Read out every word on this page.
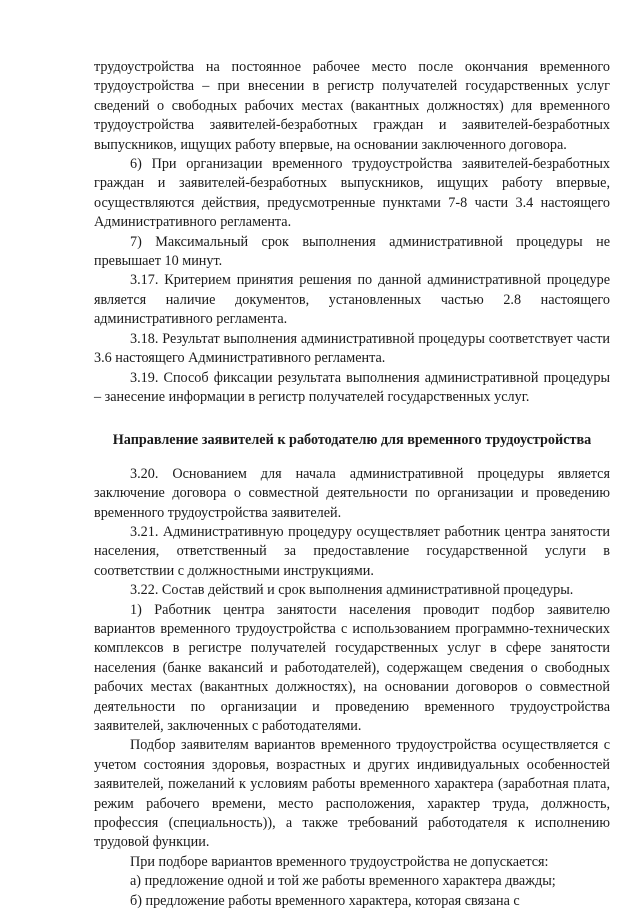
трудоустройства на постоянное рабочее место после окончания временного трудоустройства – при внесении в регистр получателей государственных услуг сведений о свободных рабочих местах (вакантных должностях) для временного трудоустройства заявителей-безработных граждан и заявителей-безработных выпускников, ищущих работу впервые, на основании заключенного договора.

6) При организации временного трудоустройства заявителей-безработных граждан и заявителей-безработных выпускников, ищущих работу впервые, осуществляются действия, предусмотренные пунктами 7-8 части 3.4 настоящего Административного регламента.

7) Максимальный срок выполнения административной процедуры не превышает 10 минут.

3.17. Критерием принятия решения по данной административной процедуре является наличие документов, установленных частью 2.8 настоящего административного регламента.

3.18. Результат выполнения административной процедуры соответствует части 3.6 настоящего Административного регламента.

3.19. Способ фиксации результата выполнения административной процедуры – занесение информации в регистр получателей государственных услуг.

Направление заявителей к работодателю для временного трудоустройства

3.20. Основанием для начала административной процедуры является заключение договора о совместной деятельности по организации и проведению временного трудоустройства заявителей.

3.21. Административную процедуру осуществляет работник центра занятости населения, ответственный за предоставление государственной услуги в соответствии с должностными инструкциями.

3.22. Состав действий и срок выполнения административной процедуры.

1) Работник центра занятости населения проводит подбор заявителю вариантов временного трудоустройства с использованием программно-технических комплексов в регистре получателей государственных услуг в сфере занятости населения (банке вакансий и работодателей), содержащем сведения о свободных рабочих местах (вакантных должностях), на основании договоров о совместной деятельности по организации и проведению временного трудоустройства заявителей, заключенных с работодателями.

Подбор заявителям вариантов временного трудоустройства осуществляется с учетом состояния здоровья, возрастных и других индивидуальных особенностей заявителей, пожеланий к условиям работы временного характера (заработная плата, режим рабочего времени, место расположения, характер труда, должность, профессия (специальность)), а также требований работодателя к исполнению трудовой функции.

При подборе вариантов временного трудоустройства не допускается:

а) предложение одной и той же работы временного характера дважды;

б) предложение работы временного характера, которая связана с
